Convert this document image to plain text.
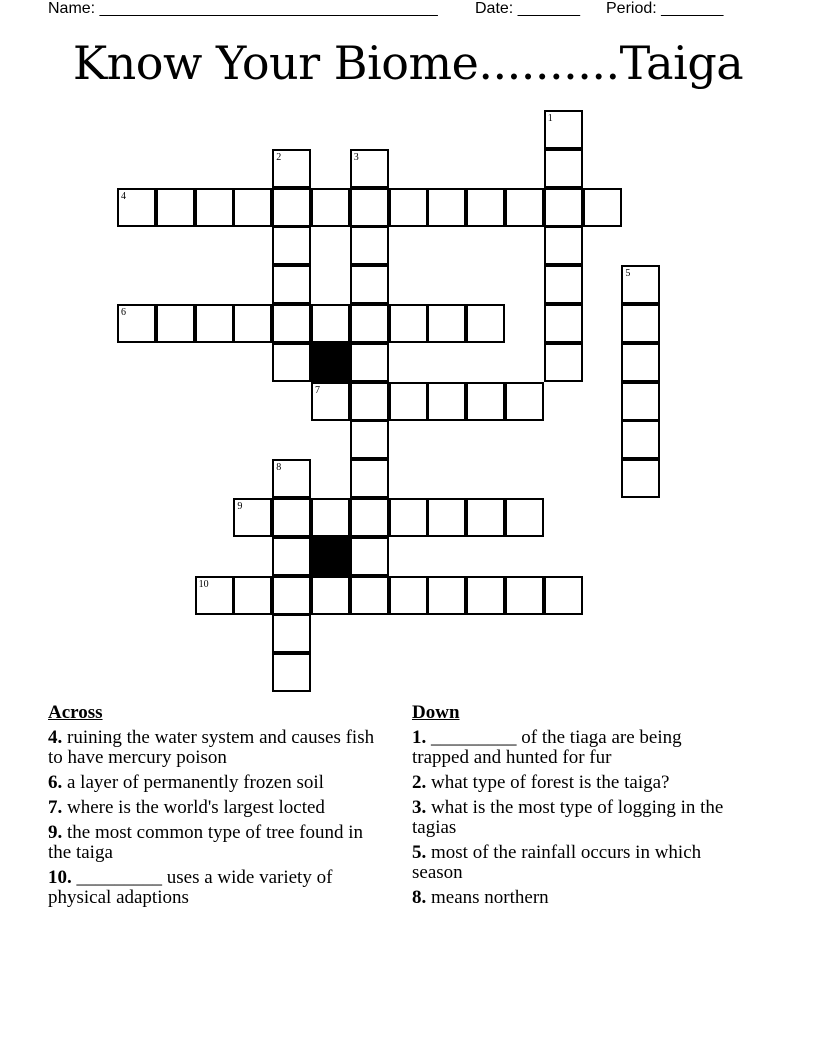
Name: ______________________________________

Date: _______

Period: _______

Know Your Biome..........Taiga
1
2	3
4
5
6
7
8
9
10
Across

4. ruining the water system and causes fish to have mercury poison

6. a layer of permanently frozen soil

7. where is the world's largest locted

9. the most common type of tree found in the taiga

10. _________ uses a wide variety of physical adaptions

Down

1. _________ of the tiaga are being trapped and hunted for fur

2. what type of forest is the taiga?

3. what is the most type of logging in the tagias

5. most of the rainfall occurs in which season

8. means northern
